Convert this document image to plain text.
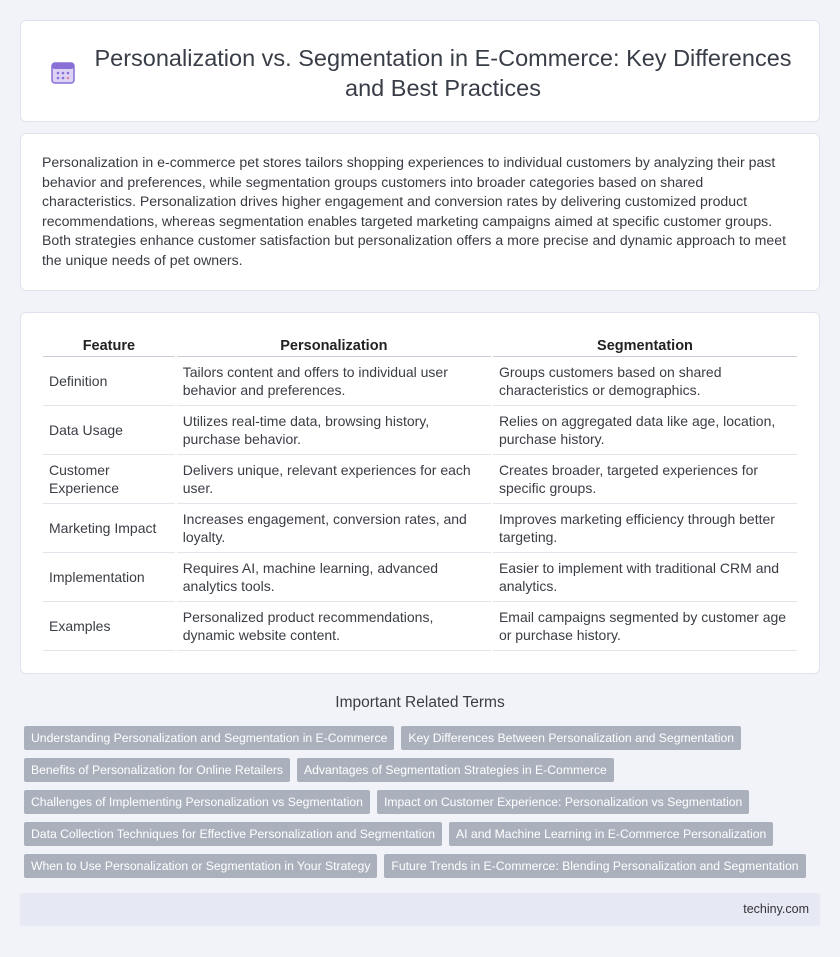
Personalization vs. Segmentation in E-Commerce: Key Differences and Best Practices

Personalization in e-commerce pet stores tailors shopping experiences to individual customers by analyzing their past behavior and preferences, while segmentation groups customers into broader categories based on shared characteristics. Personalization drives higher engagement and conversion rates by delivering customized product recommendations, whereas segmentation enables targeted marketing campaigns aimed at specific customer groups. Both strategies enhance customer satisfaction but personalization offers a more precise and dynamic approach to meet the unique needs of pet owners.

Feature	Personalization	Segmentation
Definition	Tailors content and offers to individual user behavior and preferences.	Groups customers based on shared characteristics or demographics.
Data Usage	Utilizes real-time data, browsing history, purchase behavior.	Relies on aggregated data like age, location, purchase history.
Customer Experience	Delivers unique, relevant experiences for each user.	Creates broader, targeted experiences for specific groups.
Marketing Impact	Increases engagement, conversion rates, and loyalty.	Improves marketing efficiency through better targeting.
Implementation	Requires AI, machine learning, advanced analytics tools.	Easier to implement with traditional CRM and analytics.
Examples	Personalized product recommendations, dynamic website content.	Email campaigns segmented by customer age or purchase history.
Important Related Terms
Understanding Personalization and Segmentation in E-Commerce	Key Differences Between Personalization and Segmentation
Benefits of Personalization for Online Retailers	Advantages of Segmentation Strategies in E-Commerce
Challenges of Implementing Personalization vs Segmentation	Impact on Customer Experience: Personalization vs Segmentation
Data Collection Techniques for Effective Personalization and Segmentation	AI and Machine Learning in E-Commerce Personalization
When to Use Personalization or Segmentation in Your Strategy	Future Trends in E-Commerce: Blending Personalization and Segmentation
techiny.com
